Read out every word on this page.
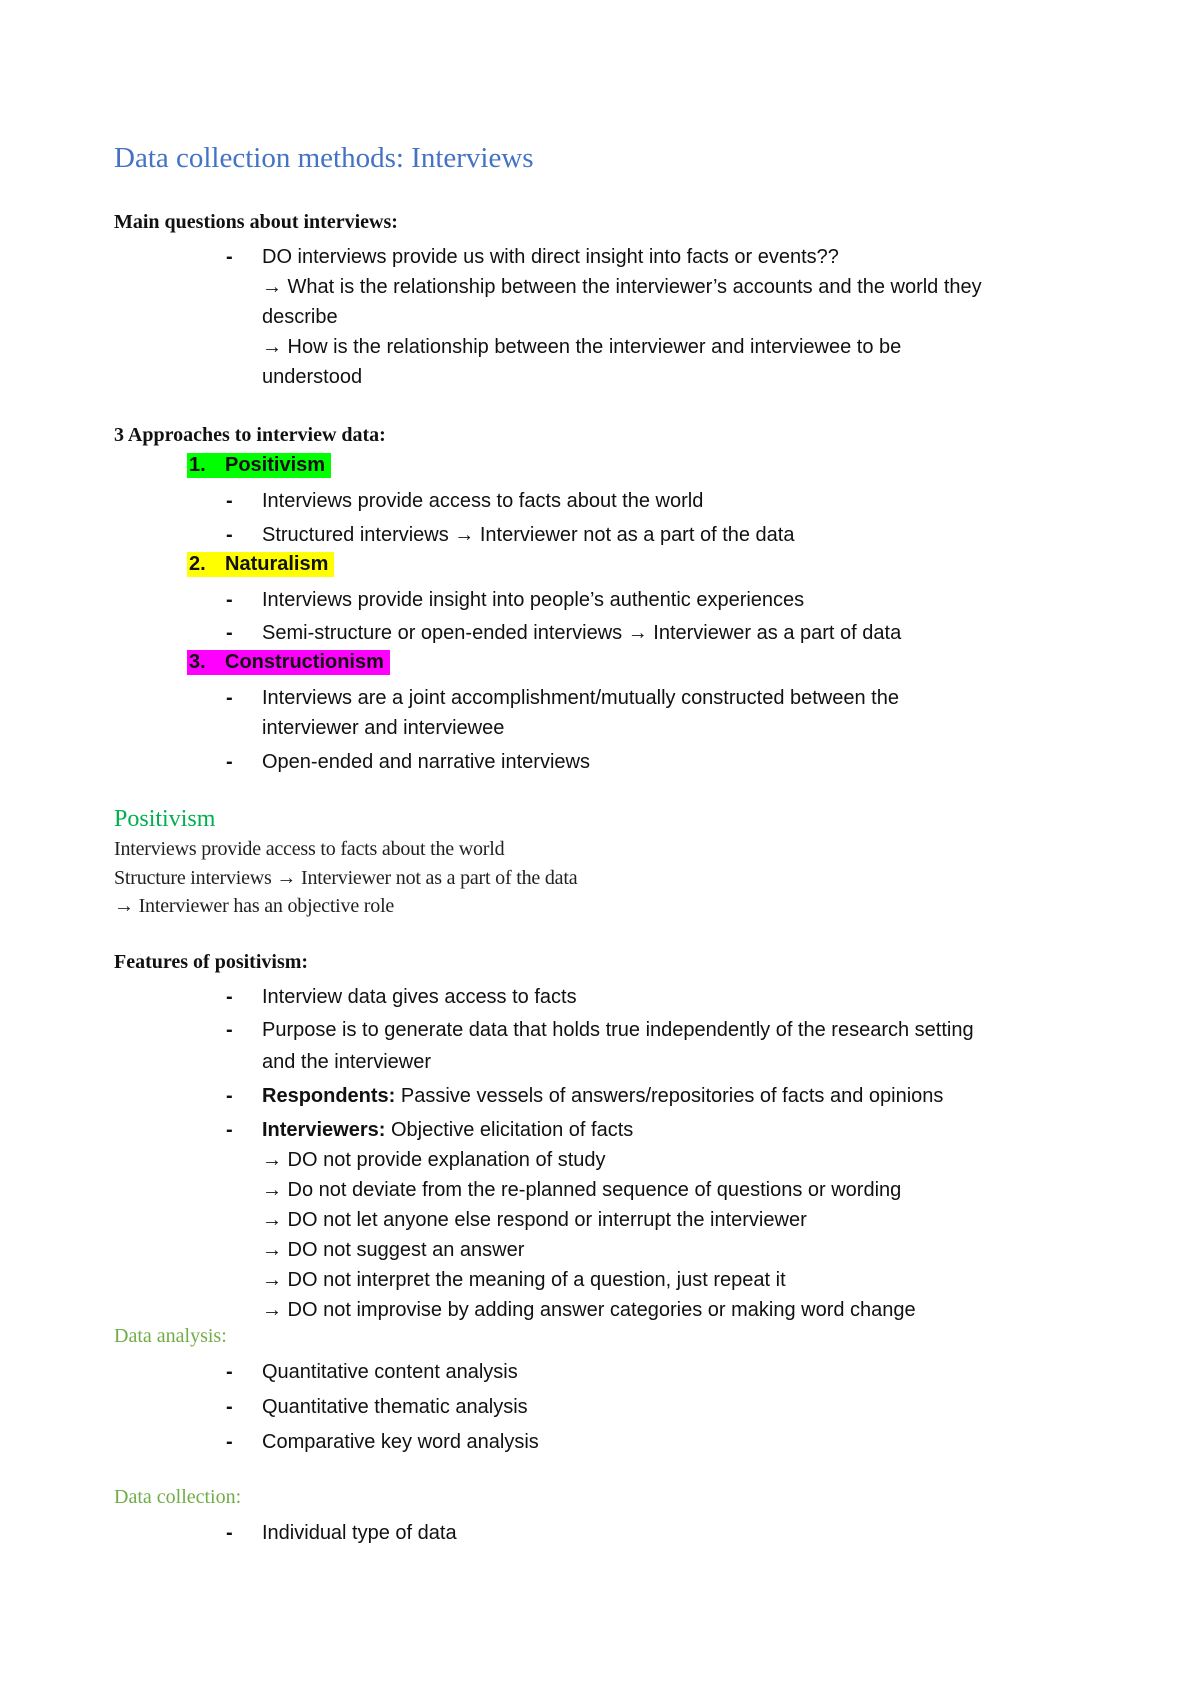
Data collection methods: Interviews
Main questions about interviews:
-	DO interviews provide us with direct insight into facts or events??
→ What is the relationship between the interviewer’s accounts and the world they
describe
→ How is the relationship between the interviewer and interviewee to be
understood
3 Approaches to interview data:
1. Positivism
-	Interviews provide access to facts about the world
-	Structured interviews → Interviewer not as a part of the data
2. Naturalism
-	Interviews provide insight into people’s authentic experiences
-	Semi-structure or open-ended interviews → Interviewer as a part of data
3. Constructionism
-	Interviews are a joint accomplishment/mutually constructed between the
interviewer and interviewee
-	Open-ended and narrative interviews
Positivism
Interviews provide access to facts about the world
Structure interviews → Interviewer not as a part of the data
→ Interviewer has an objective role
Features of positivism:
-	Interview data gives access to facts
-	Purpose is to generate data that holds true independently of the research setting
and the interviewer
-	Respondents: Passive vessels of answers/repositories of facts and opinions
-	Interviewers: Objective elicitation of facts
→ DO not provide explanation of study
→ Do not deviate from the re-planned sequence of questions or wording
→ DO not let anyone else respond or interrupt the interviewer
→ DO not suggest an answer
→ DO not interpret the meaning of a question, just repeat it
→ DO not improvise by adding answer categories or making word change
Data analysis:
-	Quantitative content analysis
-	Quantitative thematic analysis
-	Comparative key word analysis
Data collection:
-	Individual type of data
